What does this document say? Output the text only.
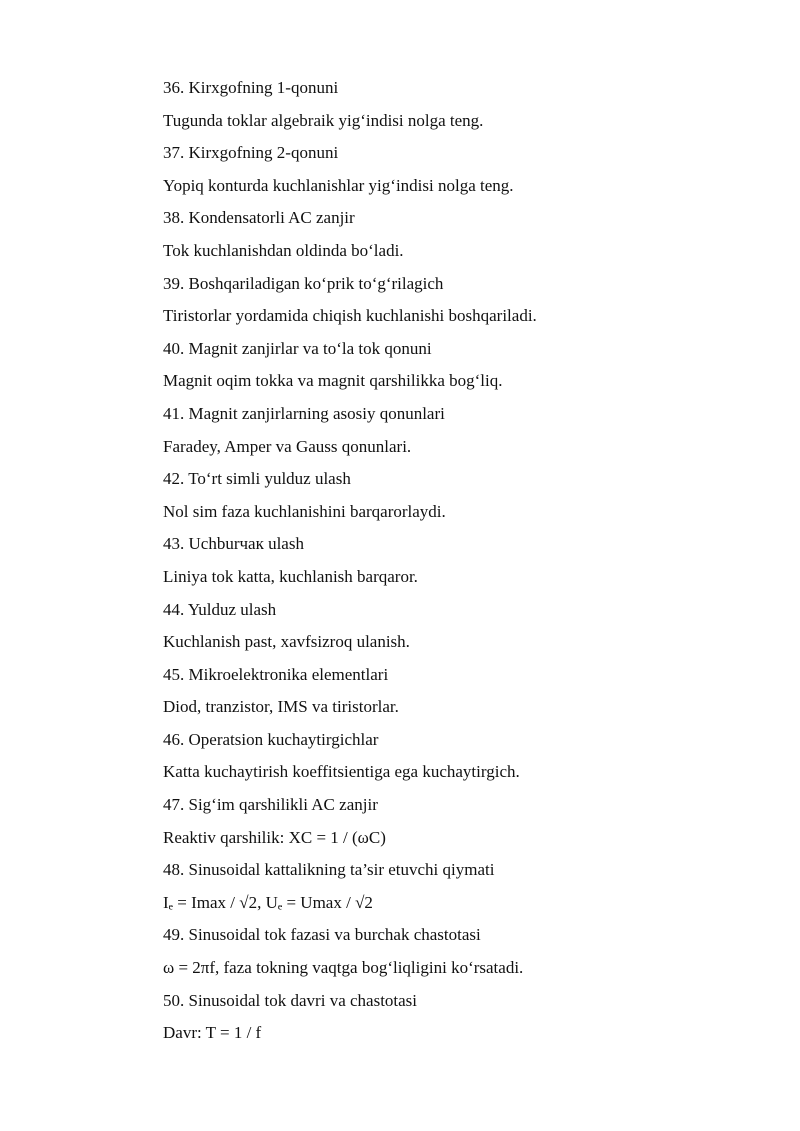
36. Kirxgofning 1-qonuni
Tugunda toklar algebraik yig‘indisi nolga teng.
37. Kirxgofning 2-qonuni
Yopiq konturda kuchlanishlar yig‘indisi nolga teng.
38. Kondensatorli AC zanjir
Tok kuchlanishdan oldinda bo‘ladi.
39. Boshqariladigan ko‘prik to‘g‘rilagich
Tiristorlar yordamida chiqish kuchlanishi boshqariladi.
40. Magnit zanjirlar va to‘la tok qonuni
Magnit oqim tokka va magnit qarshilikka bog‘liq.
41. Magnit zanjirlarning asosiy qonunlari
Faradey, Amper va Gauss qonunlari.
42. To‘rt simli yulduz ulash
Nol sim faza kuchlanishini barqarorlaydi.
43. Uchburчак ulash
Liniya tok katta, kuchlanish barqaror.
44. Yulduz ulash
Kuchlanish past, xavfsizroq ulanish.
45. Mikroelektronika elementlari
Diod, tranzistor, IMS va tiristorlar.
46. Operatsion kuchaytirgichlar
Katta kuchaytirish koeffitsientiga ega kuchaytirgich.
47. Sig‘im qarshilikli AC zanjir
Reaktiv qarshilik: XC = 1 / (ωC)
48. Sinusoidal kattalikning ta’sir etuvchi qiymati
Iₑ = Imax / √2, Uₑ = Umax / √2
49. Sinusoidal tok fazasi va burchak chastotasi
ω = 2πf, faza tokning vaqtga bog‘liqligini ko‘rsatadi.
50. Sinusoidal tok davri va chastotasi
Davr: T = 1 / f
